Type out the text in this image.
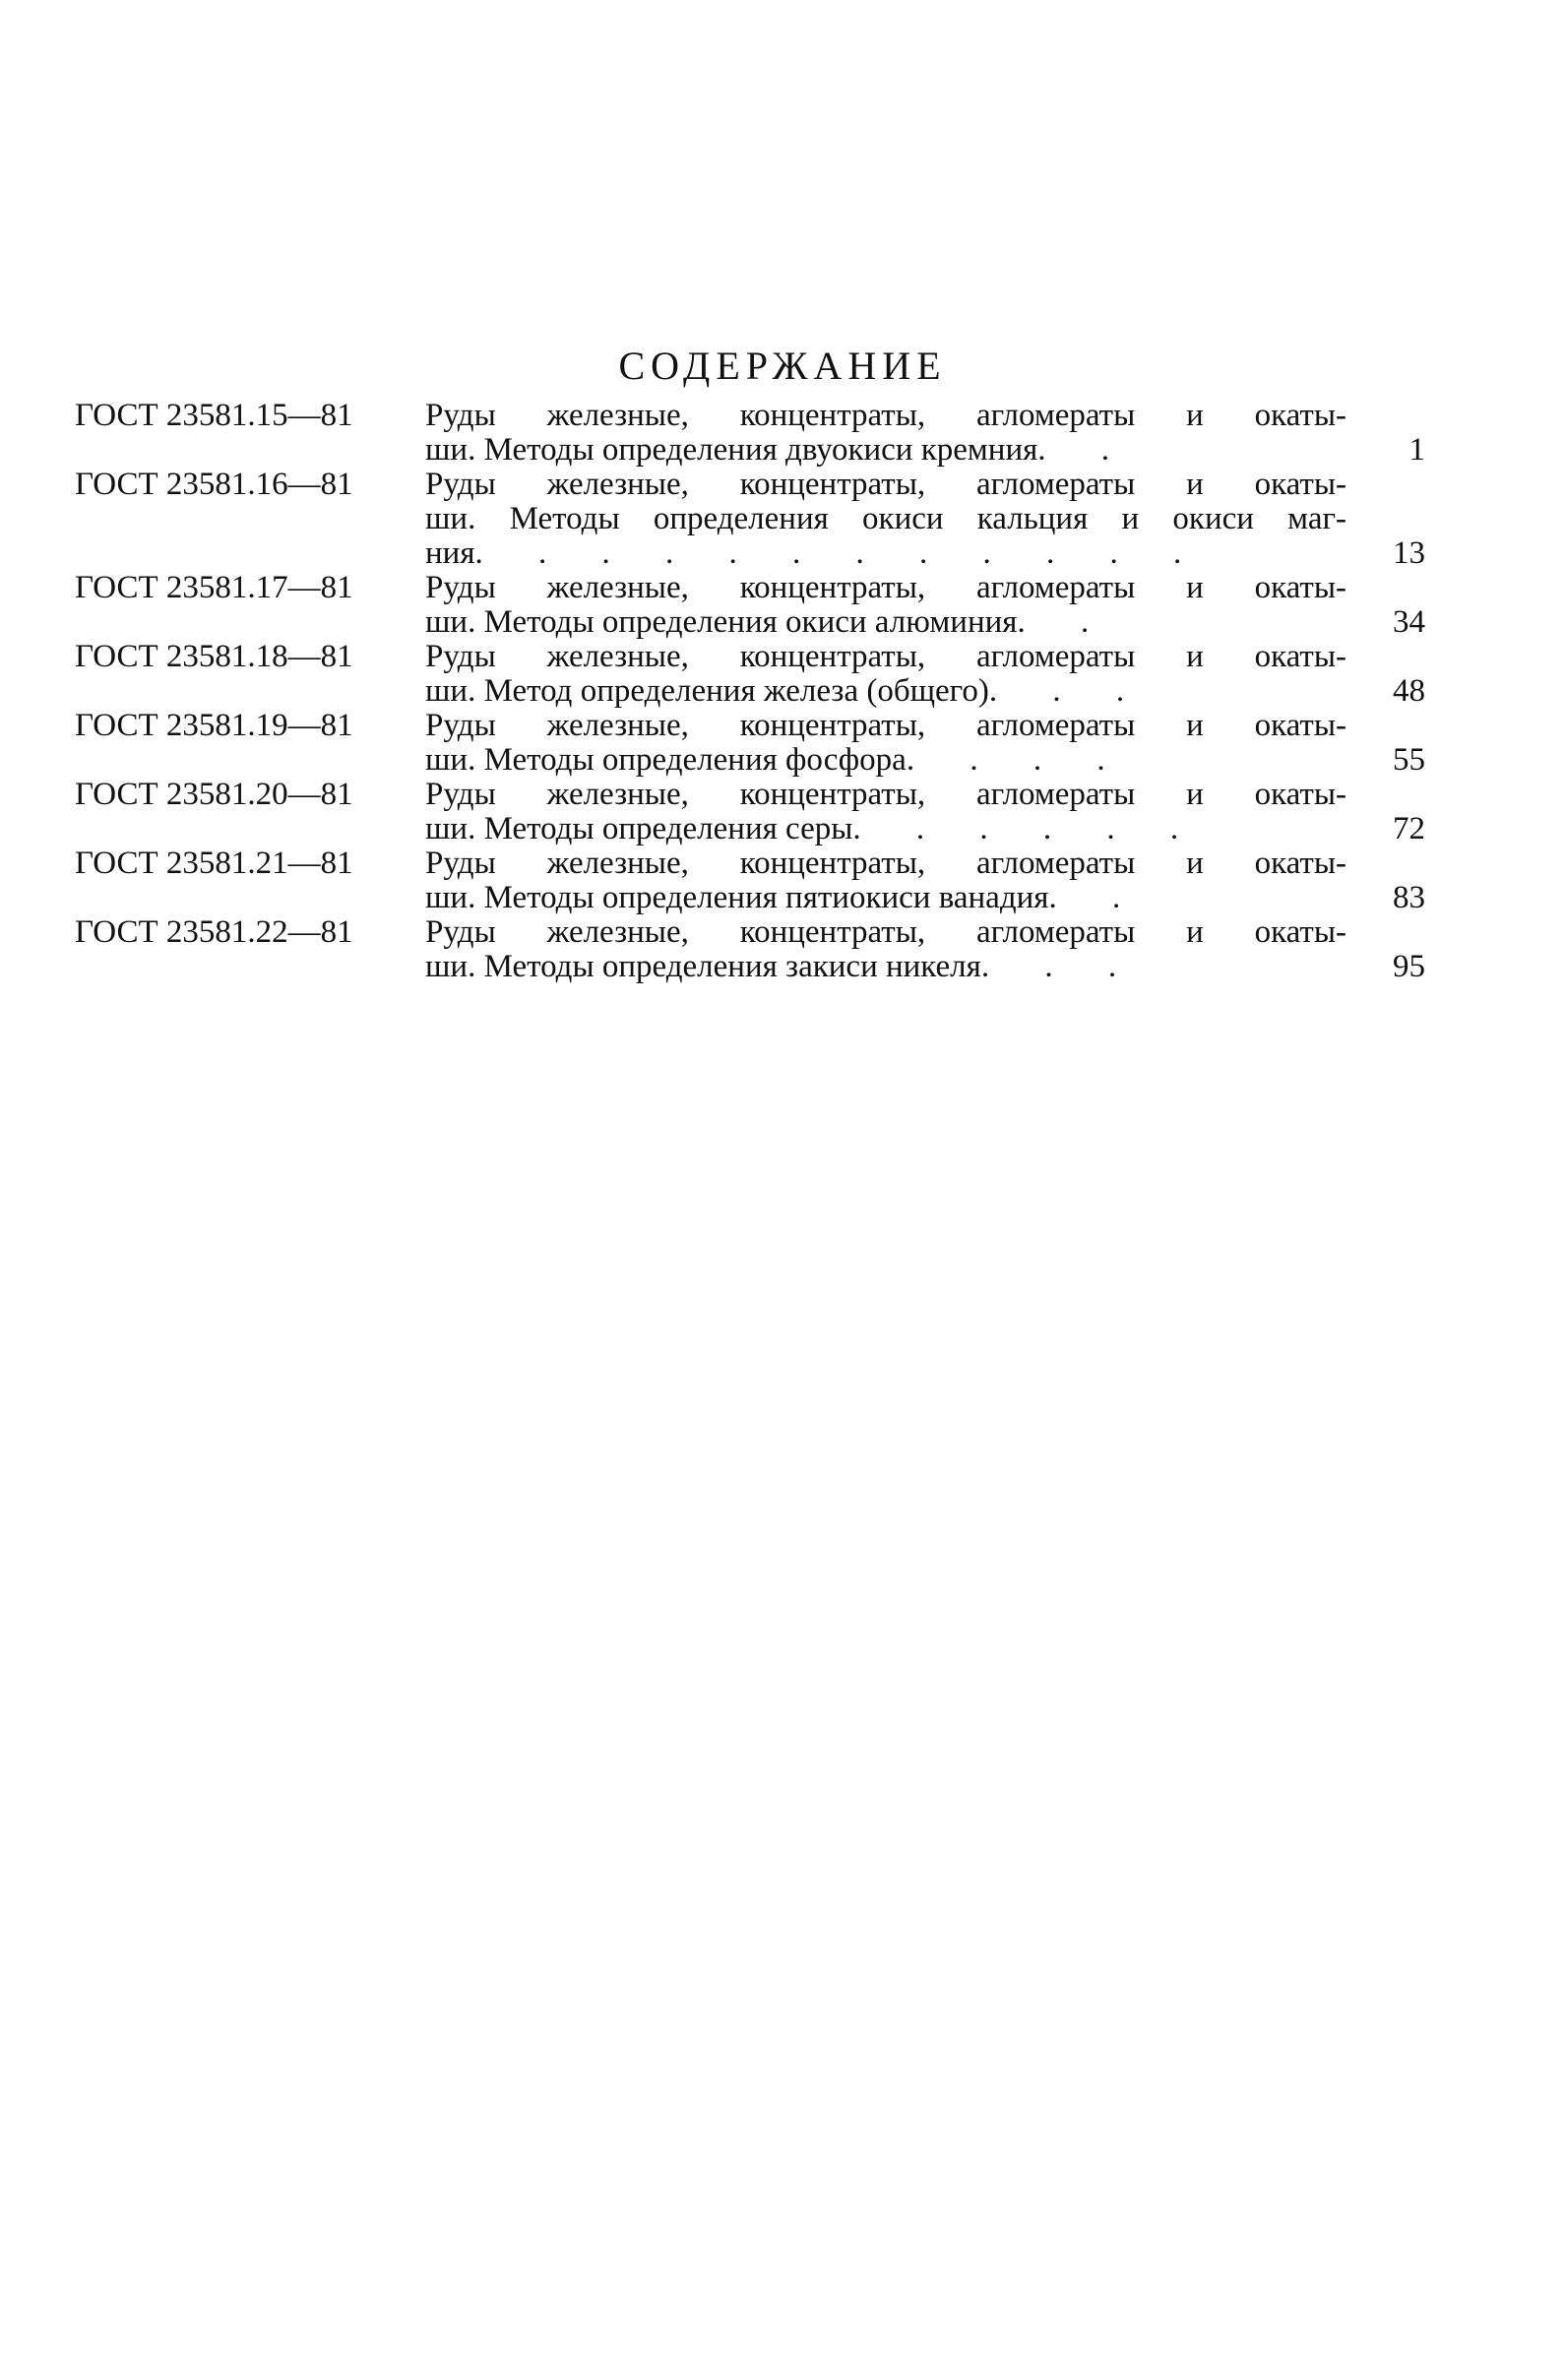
СОДЕРЖАНИЕ
ГОСТ 23581.15—81	Руды железные, концентраты, агломераты и окаты-
ши. Методы определения двуокиси кремния . .	1
ГОСТ 23581.16—81	Руды железные, концентраты, агломераты и окаты-
ши. Методы определения окиси кальция и окиси маг-
ния . . . . . . . . . . . .	13
ГОСТ 23581.17—81	Руды железные, концентраты, агломераты и окаты-
ши. Методы определения окиси алюминия . .	34
ГОСТ 23581.18—81	Руды железные, концентраты, агломераты и окаты-
ши. Метод определения железа (общего) . . .	48
ГОСТ 23581.19—81	Руды железные, концентраты, агломераты и окаты-
ши. Методы определения фосфора . . . .	55
ГОСТ 23581.20—81	Руды железные, концентраты, агломераты и окаты-
ши. Методы определения серы . . . . . .	72
ГОСТ 23581.21—81	Руды железные, концентраты, агломераты и окаты-
ши. Методы определения пятиокиси ванадия . .	83
ГОСТ 23581.22—81	Руды железные, концентраты, агломераты и окаты-
ши. Методы определения закиси никеля . . .	95
